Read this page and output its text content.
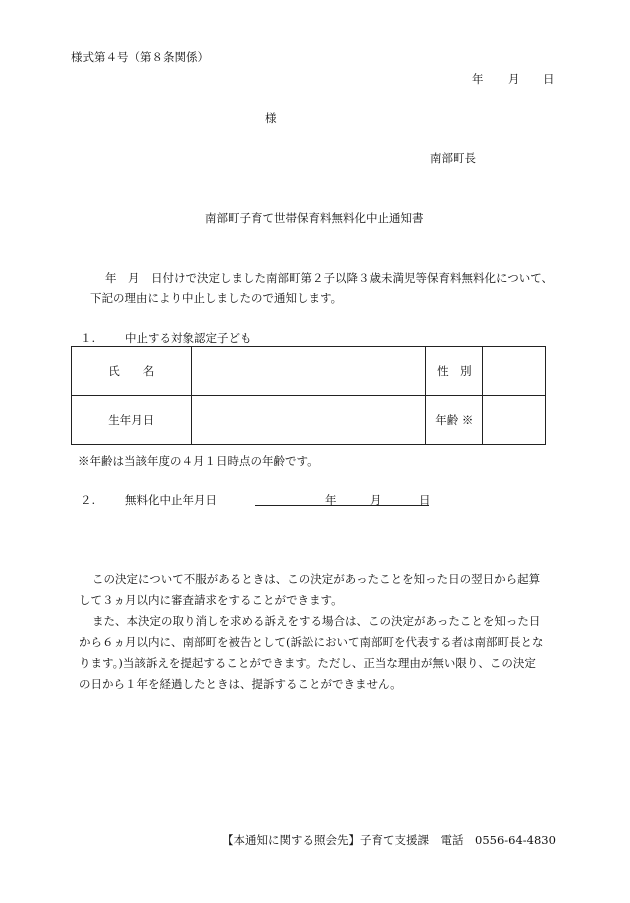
様式第４号（第８条関係）
年 月 日
様
南部町長
南部町子育て世帯保育料無料化中止通知書
年　月　日付けで決定しました南部町第２子以降３歳未満児等保育料無料化について、
下記の理由により中止しましたので通知します。
１.	中止する対象認定子ども
氏　　名		性　別	
生年月日		年齢 ※	
※年齢は当該年度の４月１日時点の年齢です。
２.	無料化中止年月日	年	月	日
この決定について不服があるときは、この決定があったことを知った日の翌日から起算
して３ヵ月以内に審査請求をすることができます。
また、本決定の取り消しを求める訴えをする場合は、この決定があったことを知った日
から６ヵ月以内に、南部町を被告として(訴訟において南部町を代表する者は南部町長とな
ります。)当該訴えを提起することができます。ただし、正当な理由が無い限り、この決定
の日から１年を経過したときは、提訴することができません。
【本通知に関する照会先】子育て支援課　電話　0556-64-4830
